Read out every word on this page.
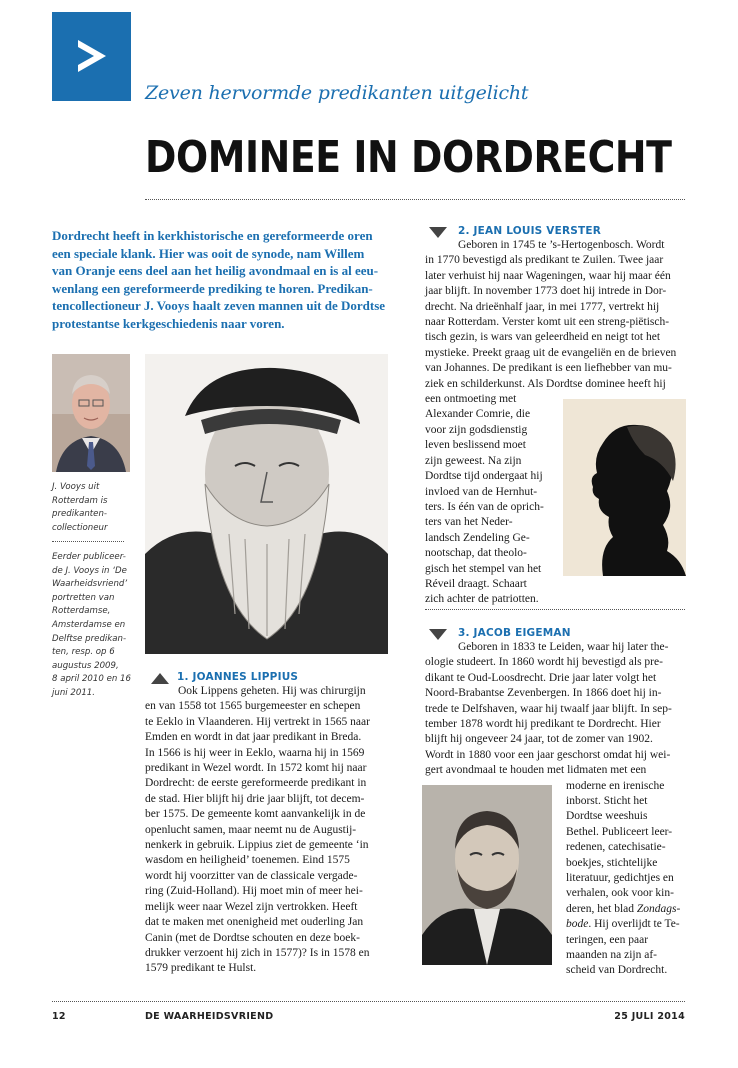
Zeven hervormde predikanten uitgelicht
DOMINEE IN DORDRECHT

Dordrecht heeft in kerkhistorische en gereformeerde oren

een speciale klank. Hier was ooit de synode, nam Willem

van Oranje eens deel aan het heilig avondmaal en is al eeu-

wenlang een gereformeerde prediking te horen. Predikan-

tencollectioneur J. Vooys haalt zeven mannen uit de Dordtse

protestantse kerkgeschiedenis naar voren.

J. Vooys uit

Rotterdam is

predikanten-

collectioneur

Eerder publiceer-

de J. Vooys in ‘De

Waarheidsvriend’

portretten van

Rotterdamse,

Amsterdamse en

Delftse predikan-

ten, resp. op 6

augustus 2009,

8 april 2010 en 16

juni 2011.

1. JOANNES LIPPIUS

Ook Lippens geheten. Hij was chirurgijn

en van 1558 tot 1565 burgemeester en schepen

te Eeklo in Vlaanderen. Hij vertrekt in 1565 naar

Emden en wordt in dat jaar predikant in Breda.

In 1566 is hij weer in Eeklo, waarna hij in 1569

predikant in Wezel wordt. In 1572 komt hij naar

Dordrecht: de eerste gereformeerde predikant in

de stad. Hier blijft hij drie jaar blijft, tot decem-

ber 1575. De gemeente komt aanvankelijk in de

openlucht samen, maar neemt nu de Augustij-

nenkerk in gebruik. Lippius ziet de gemeente ‘in

wasdom en heiligheid’ toenemen. Eind 1575

wordt hij voorzitter van de classicale vergade-

ring (Zuid-Holland). Hij moet min of meer hei-

melijk weer naar Wezel zijn vertrokken. Heeft

dat te maken met onenigheid met ouderling Jan

Canin (met de Dordtse schouten en deze boek-

drukker verzoent hij zich in 1577)? Is in 1578 en

1579 predikant te Hulst.

2. JEAN LOUIS VERSTER

Geboren in 1745 te ’s-Hertogenbosch. Wordt

in 1770 bevestigd als predikant te Zuilen. Twee jaar

later verhuist hij naar Wageningen, waar hij maar één

jaar blijft. In november 1773 doet hij intrede in Dor-

drecht. Na drieënhalf jaar, in mei 1777, vertrekt hij

naar Rotterdam. Verster komt uit een streng-piëtisch-

tisch gezin, is wars van geleerdheid en neigt tot het

mystieke. Preekt graag uit de evangeliën en de brieven

van Johannes. De predikant is een liefhebber van mu-

ziek en schilderkunst. Als Dordtse dominee heeft hij

een ontmoeting met

Alexander Comrie, die

voor zijn godsdienstig

leven beslissend moet

zijn geweest. Na zijn

Dordtse tijd ondergaat hij

invloed van de Hernhut-

ters. Is één van de oprich-

ters van het Neder-

landsch Zendeling Ge-

nootschap, dat theolo-

gisch het stempel van het

Réveil draagt. Schaart

zich achter de patriotten.

3. JACOB EIGEMAN

Geboren in 1833 te Leiden, waar hij later the-

ologie studeert. In 1860 wordt hij bevestigd als pre-

dikant te Oud-Loosdrecht. Drie jaar later volgt het

Noord-Brabantse Zevenbergen. In 1866 doet hij in-

trede te Delfshaven, waar hij twaalf jaar blijft. In sep-

tember 1878 wordt hij predikant te Dordrecht. Hier

blijft hij ongeveer 24 jaar, tot de zomer van 1902.

Wordt in 1880 voor een jaar geschorst omdat hij wei-

gert avondmaal te houden met lidmaten met een

moderne en irenische

inborst. Sticht het

Dordtse weeshuis

Bethel. Publiceert leer-

redenen, catechisatie-

boekjes, stichtelijke

literatuur, gedichtjes en

verhalen, ook voor kin-

deren, het blad Zondags-

bode. Hij overlijdt te Te-

teringen, een paar

maanden na zijn af-

scheid van Dordrecht.

12	DE WAARHEIDSVRIEND	25 JULI 2014
